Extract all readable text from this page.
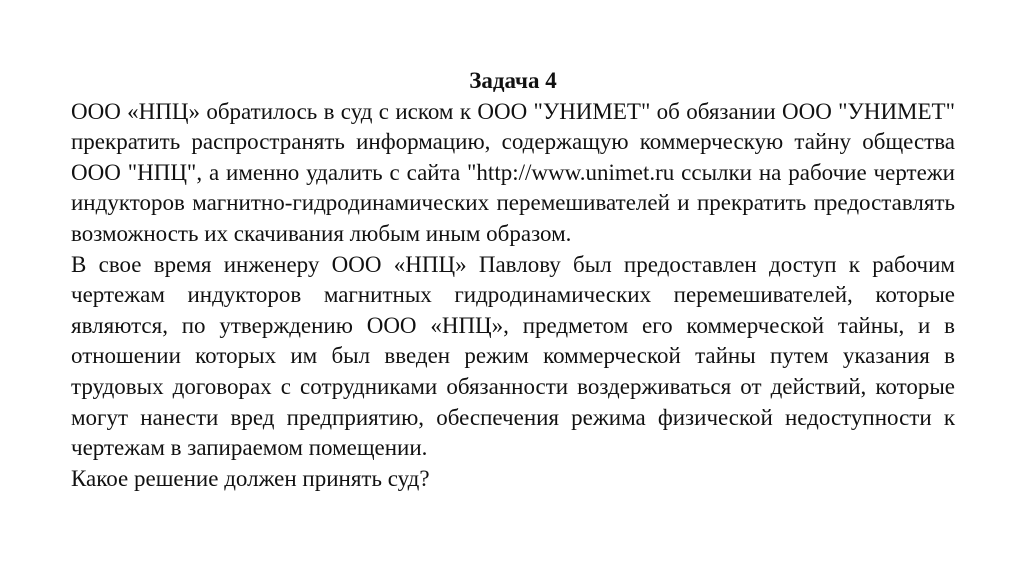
Задача 4

ООО «НПЦ» обратилось в суд с иском к ООО "УНИМЕТ" об обязании ООО "УНИМЕТ" прекратить распространять информацию, содержащую коммерческую тайну общества ООО "НПЦ", а именно удалить с сайта "http://www.unimet.ru ссылки на рабочие чертежи индукторов магнитно-гидродинамических перемешивателей и прекратить предоставлять возможность их скачивания любым иным образом.

В свое время инженеру ООО «НПЦ» Павлову был предоставлен доступ к рабочим чертежам индукторов магнитных гидродинамических перемешивателей, которые являются, по утверждению ООО «НПЦ», предметом его коммерческой тайны, и в отношении которых им был введен режим коммерческой тайны путем указания в трудовых договорах с сотрудниками обязанности воздерживаться от действий, которые могут нанести вред предприятию, обеспечения режима физической недоступности к чертежам в запираемом помещении.

Какое решение должен принять суд?
